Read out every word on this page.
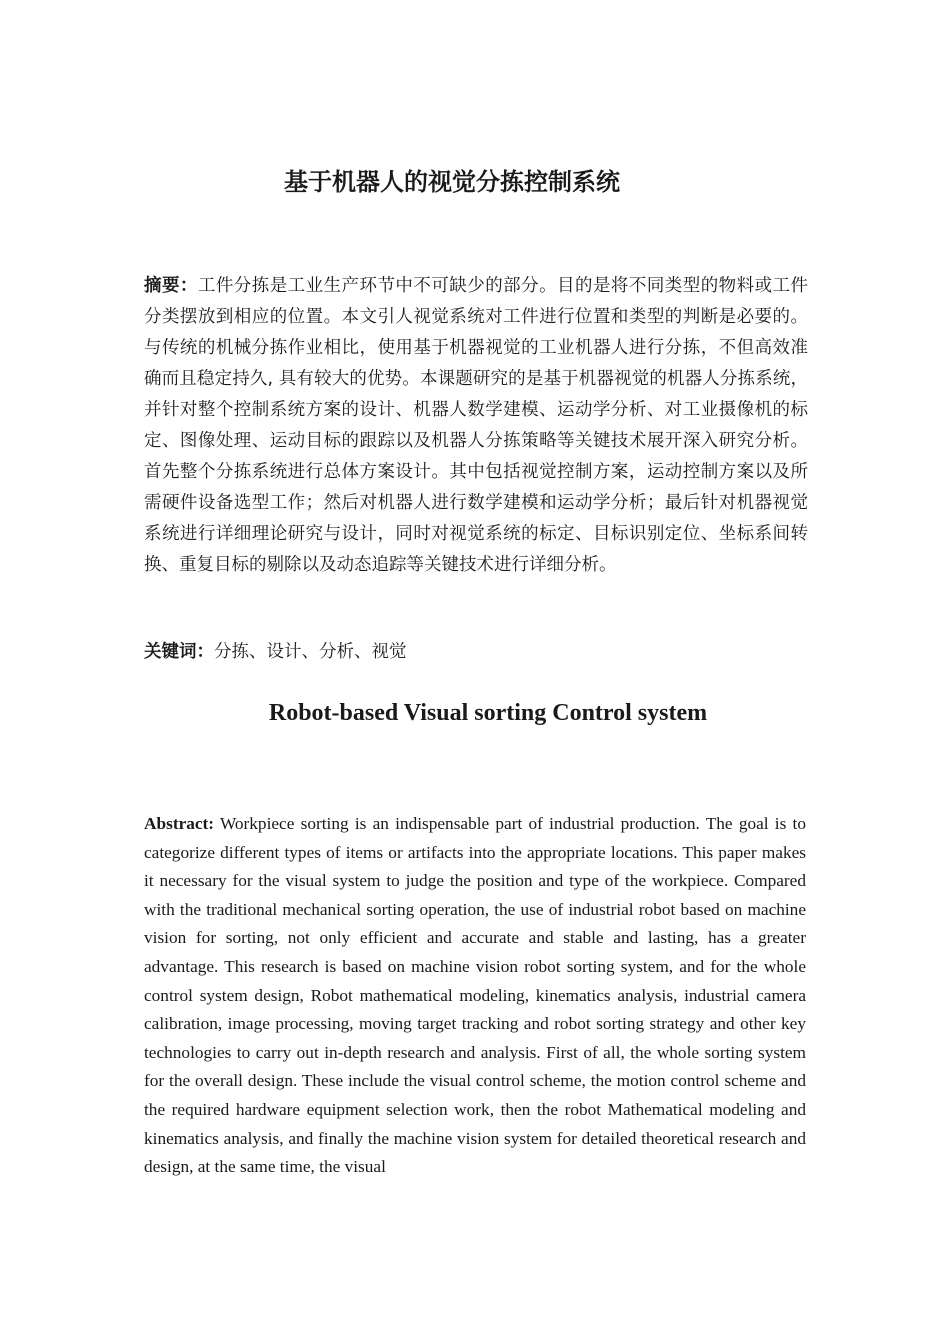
基于机器人的视觉分拣控制系统
摘要：工件分拣是工业生产环节中不可缺少的部分。目的是将不同类型的物料或工件分类摆放到相应的位置。本文引人视觉系统对工件进行位置和类型的判断是必要的。与传统的机械分拣作业相比，使用基于机器视觉的工业机器人进行分拣，不但高效准确而且稳定持久, 具有较大的优势。本课题研究的是基于机器视觉的机器人分拣系统，并针对整个控制系统方案的设计、机器人数学建模、运动学分析、对工业摄像机的标定、图像处理、运动目标的跟踪以及机器人分拣策略等关键技术展开深入研究分析。首先整个分拣系统进行总体方案设计。其中包括视觉控制方案，运动控制方案以及所需硬件设备选型工作；然后对机器人进行数学建模和运动学分析；最后针对机器视觉系统进行详细理论研究与设计，同时对视觉系统的标定、目标识别定位、坐标系间转换、重复目标的剔除以及动态追踪等关键技术进行详细分析。
关键词：分拣、设计、分析、视觉
Robot-based Visual sorting Control system
Abstract: Workpiece sorting is an indispensable part of industrial production. The goal is to categorize different types of items or artifacts into the appropriate locations. This paper makes it necessary for the visual system to judge the position and type of the workpiece. Compared with the traditional mechanical sorting operation, the use of industrial robot based on machine vision for sorting, not only efficient and accurate and stable and lasting, has a greater advantage. This research is based on machine vision robot sorting system, and for the whole control system design, Robot mathematical modeling, kinematics analysis, industrial camera calibration, image processing, moving target tracking and robot sorting strategy and other key technologies to carry out in-depth research and analysis. First of all, the whole sorting system for the overall design. These include the visual control scheme, the motion control scheme and the required hardware equipment selection work, then the robot Mathematical modeling and kinematics analysis, and finally the machine vision system for detailed theoretical research and design, at the same time, the visual
